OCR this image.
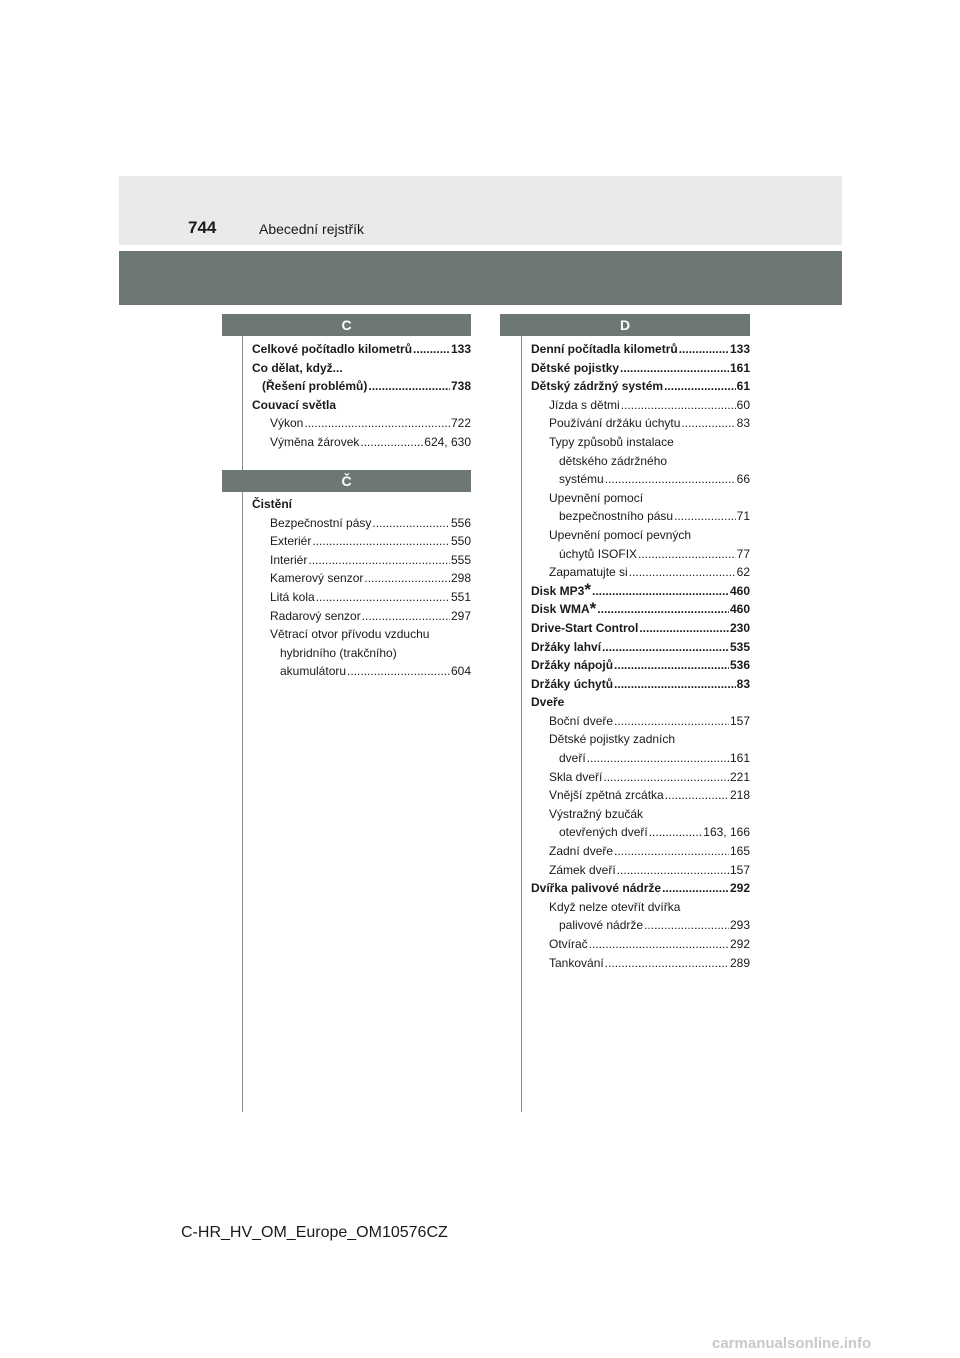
744	Abecední rejstřík
C
Celkové počítadlo kilometrů .....	133
Co dělat, když...
(Řešení problémů) .....	738
Couvací světla
Výkon .....	722
Výměna žárovek .....	624, 630
Č
Čistění
Bezpečnostní pásy .....	556
Exteriér .....	550
Interiér .....	555
Kamerový senzor .....	298
Litá kola .....	551
Radarový senzor .....	297
Větrací otvor přívodu vzduchu
hybridního (trakčního)
akumulátoru .....	604
D
Denní počítadla kilometrů .....	133
Dětské pojistky .....	161
Dětský zádržný systém .....	61
Jízda s dětmi .....	60
Používání držáku úchytu .....	83
Typy způsobů instalace
dětského zádržného
systému .....	66
Upevnění pomocí
bezpečnostního pásu .....	71
Upevnění pomocí pevných
úchytů ISOFIX .....	77
Zapamatujte si .....	62
Disk MP3 * .....	460
Disk WMA * .....	460
Drive-Start Control .....	230
Držáky lahví .....	535
Držáky nápojů .....	536
Držáky úchytů .....	83
Dveře
Boční dveře .....	157
Dětské pojistky zadních
dveří .....	161
Skla dveří .....	221
Vnější zpětná zrcátka .....	218
Výstražný bzučák
otevřených dveří .....	163, 166
Zadní dveře .....	165
Zámek dveří .....	157
Dvířka palivové nádrže .....	292
Když nelze otevřít dvířka
palivové nádrže .....	293
Otvírač .....	292
Tankování .....	289
C-HR_HV_OM_Europe_OM10576CZ
carmanualsonline.info
